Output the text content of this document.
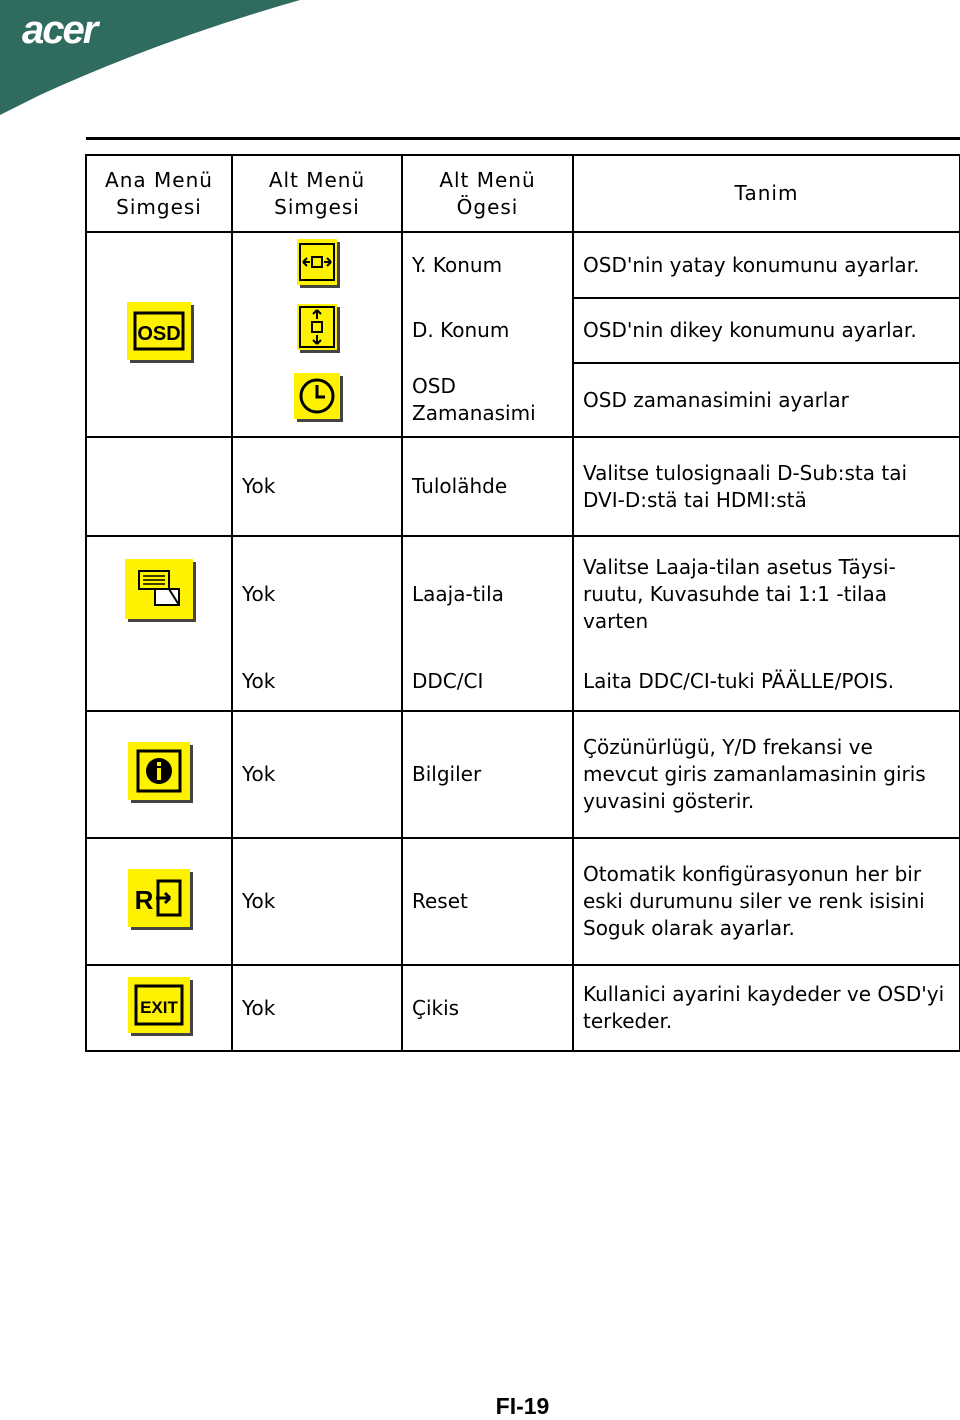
acer
Ana Menü Simgesi	Alt Menü Simgesi	Alt Menü Ögesi	Tanim

OSD		Y. Konum	OSD'nin yatay konumunu ayarlar.

	D. Konum	OSD'nin dikey konumunu ayarlar.

	OSD Zamanasimi	OSD zamanasimini ayarlar
	Yok	Tulolähde	Valitse tulosignaali D-Sub:sta tai DVI-D:stä tai HDMI:stä

	Yok	Laaja-tila	Valitse Laaja-tilan asetus Täysi-ruutu, Kuvasuhde tai 1:1 -tilaa varten
	Yok	DDC/CI	Laita DDC/CI-tuki PÄÄLLE/POIS.

	Yok	Bilgiler	Çözünürlügü, Y/D frekansi ve mevcut giris zamanlamasinin giris yuvasini gösterir.

R	Yok	Reset	Otomatik konfigürasyonun her bir eski durumunu siler ve renk isisini Soguk olarak ayarlar.

EXIT	Yok	Çikis	Kullanici ayarini kaydeder ve OSD'yi terkeder.
FI-19
